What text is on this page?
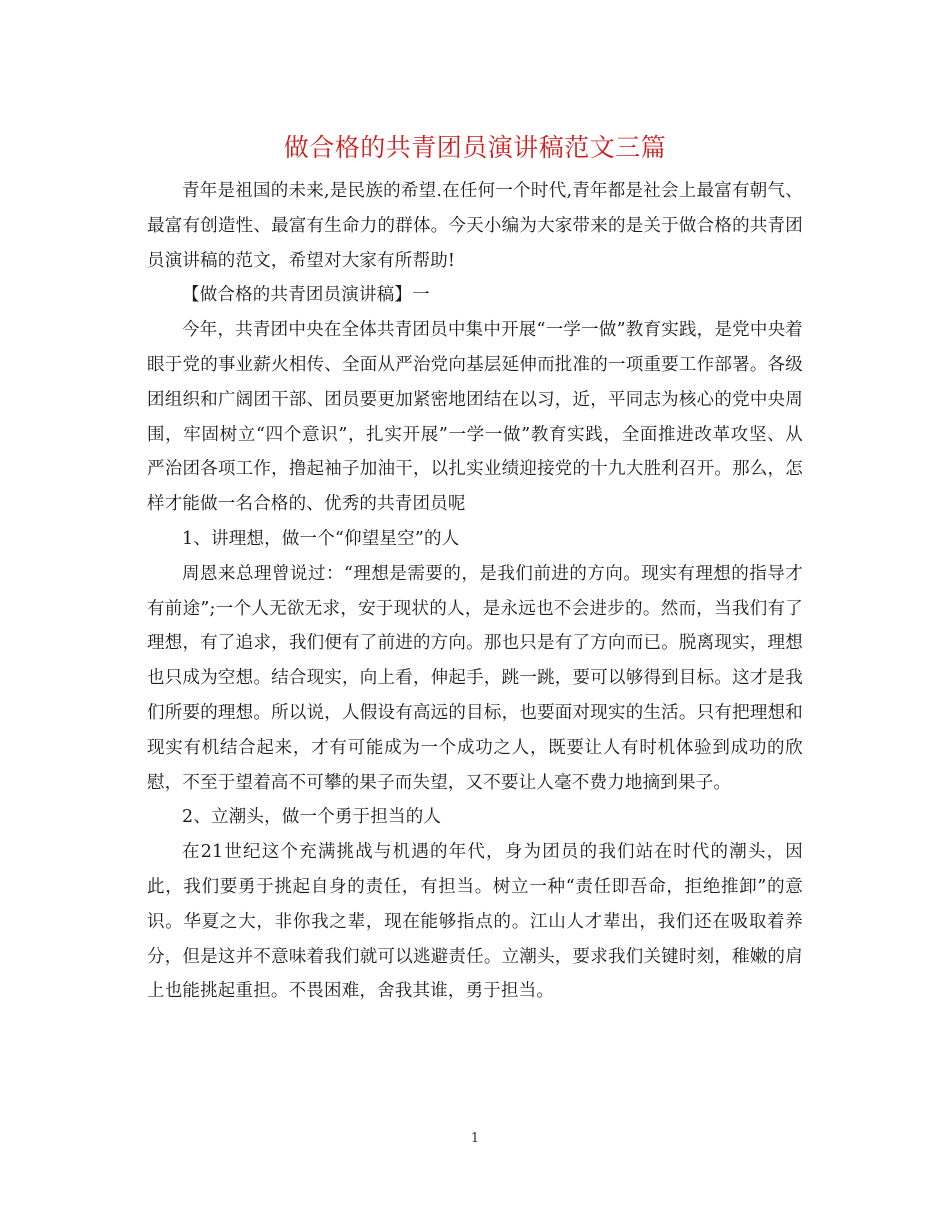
做合格的共青团员演讲稿范文三篇

青年是祖国的未来,是民族的希望.在任何一个时代,青年都是社会上最富有朝气、最富有创造性、最富有生命力的群体。今天小编为大家带来的是关于做合格的共青团员演讲稿的范文，希望对大家有所帮助!

【做合格的共青团员演讲稿】一

今年，共青团中央在全体共青团员中集中开展“一学一做”教育实践，是党中央着眼于党的事业薪火相传、全面从严治党向基层延伸而批准的一项重要工作部署。各级团组织和广阔团干部、团员要更加紧密地团结在以习，近，平同志为核心的党中央周围，牢固树立“四个意识”，扎实开展”一学一做”教育实践，全面推进改革攻坚、从严治团各项工作，撸起袖子加油干，以扎实业绩迎接党的十九大胜利召开。那么，怎样才能做一名合格的、优秀的共青团员呢

1、讲理想，做一个“仰望星空”的人

周恩来总理曾说过：“理想是需要的，是我们前进的方向。现实有理想的指导才有前途”;一个人无欲无求，安于现状的人，是永远也不会进步的。然而，当我们有了理想，有了追求，我们便有了前进的方向。那也只是有了方向而已。脱离现实，理想也只成为空想。结合现实，向上看，伸起手，跳一跳，要可以够得到目标。这才是我们所要的理想。所以说，人假设有高远的目标，也要面对现实的生活。只有把理想和现实有机结合起来，才有可能成为一个成功之人，既要让人有时机体验到成功的欣慰，不至于望着高不可攀的果子而失望，又不要让人毫不费力地摘到果子。

2、立潮头，做一个勇于担当的人

在21世纪这个充满挑战与机遇的年代，身为团员的我们站在时代的潮头，因此，我们要勇于挑起自身的责任，有担当。树立一种“责任即吾命，拒绝推卸”的意识。华夏之大，非你我之辈，现在能够指点的。江山人才辈出，我们还在吸取着养分，但是这并不意味着我们就可以逃避责任。立潮头，要求我们关键时刻，稚嫩的肩上也能挑起重担。不畏困难，舍我其谁，勇于担当。

1
